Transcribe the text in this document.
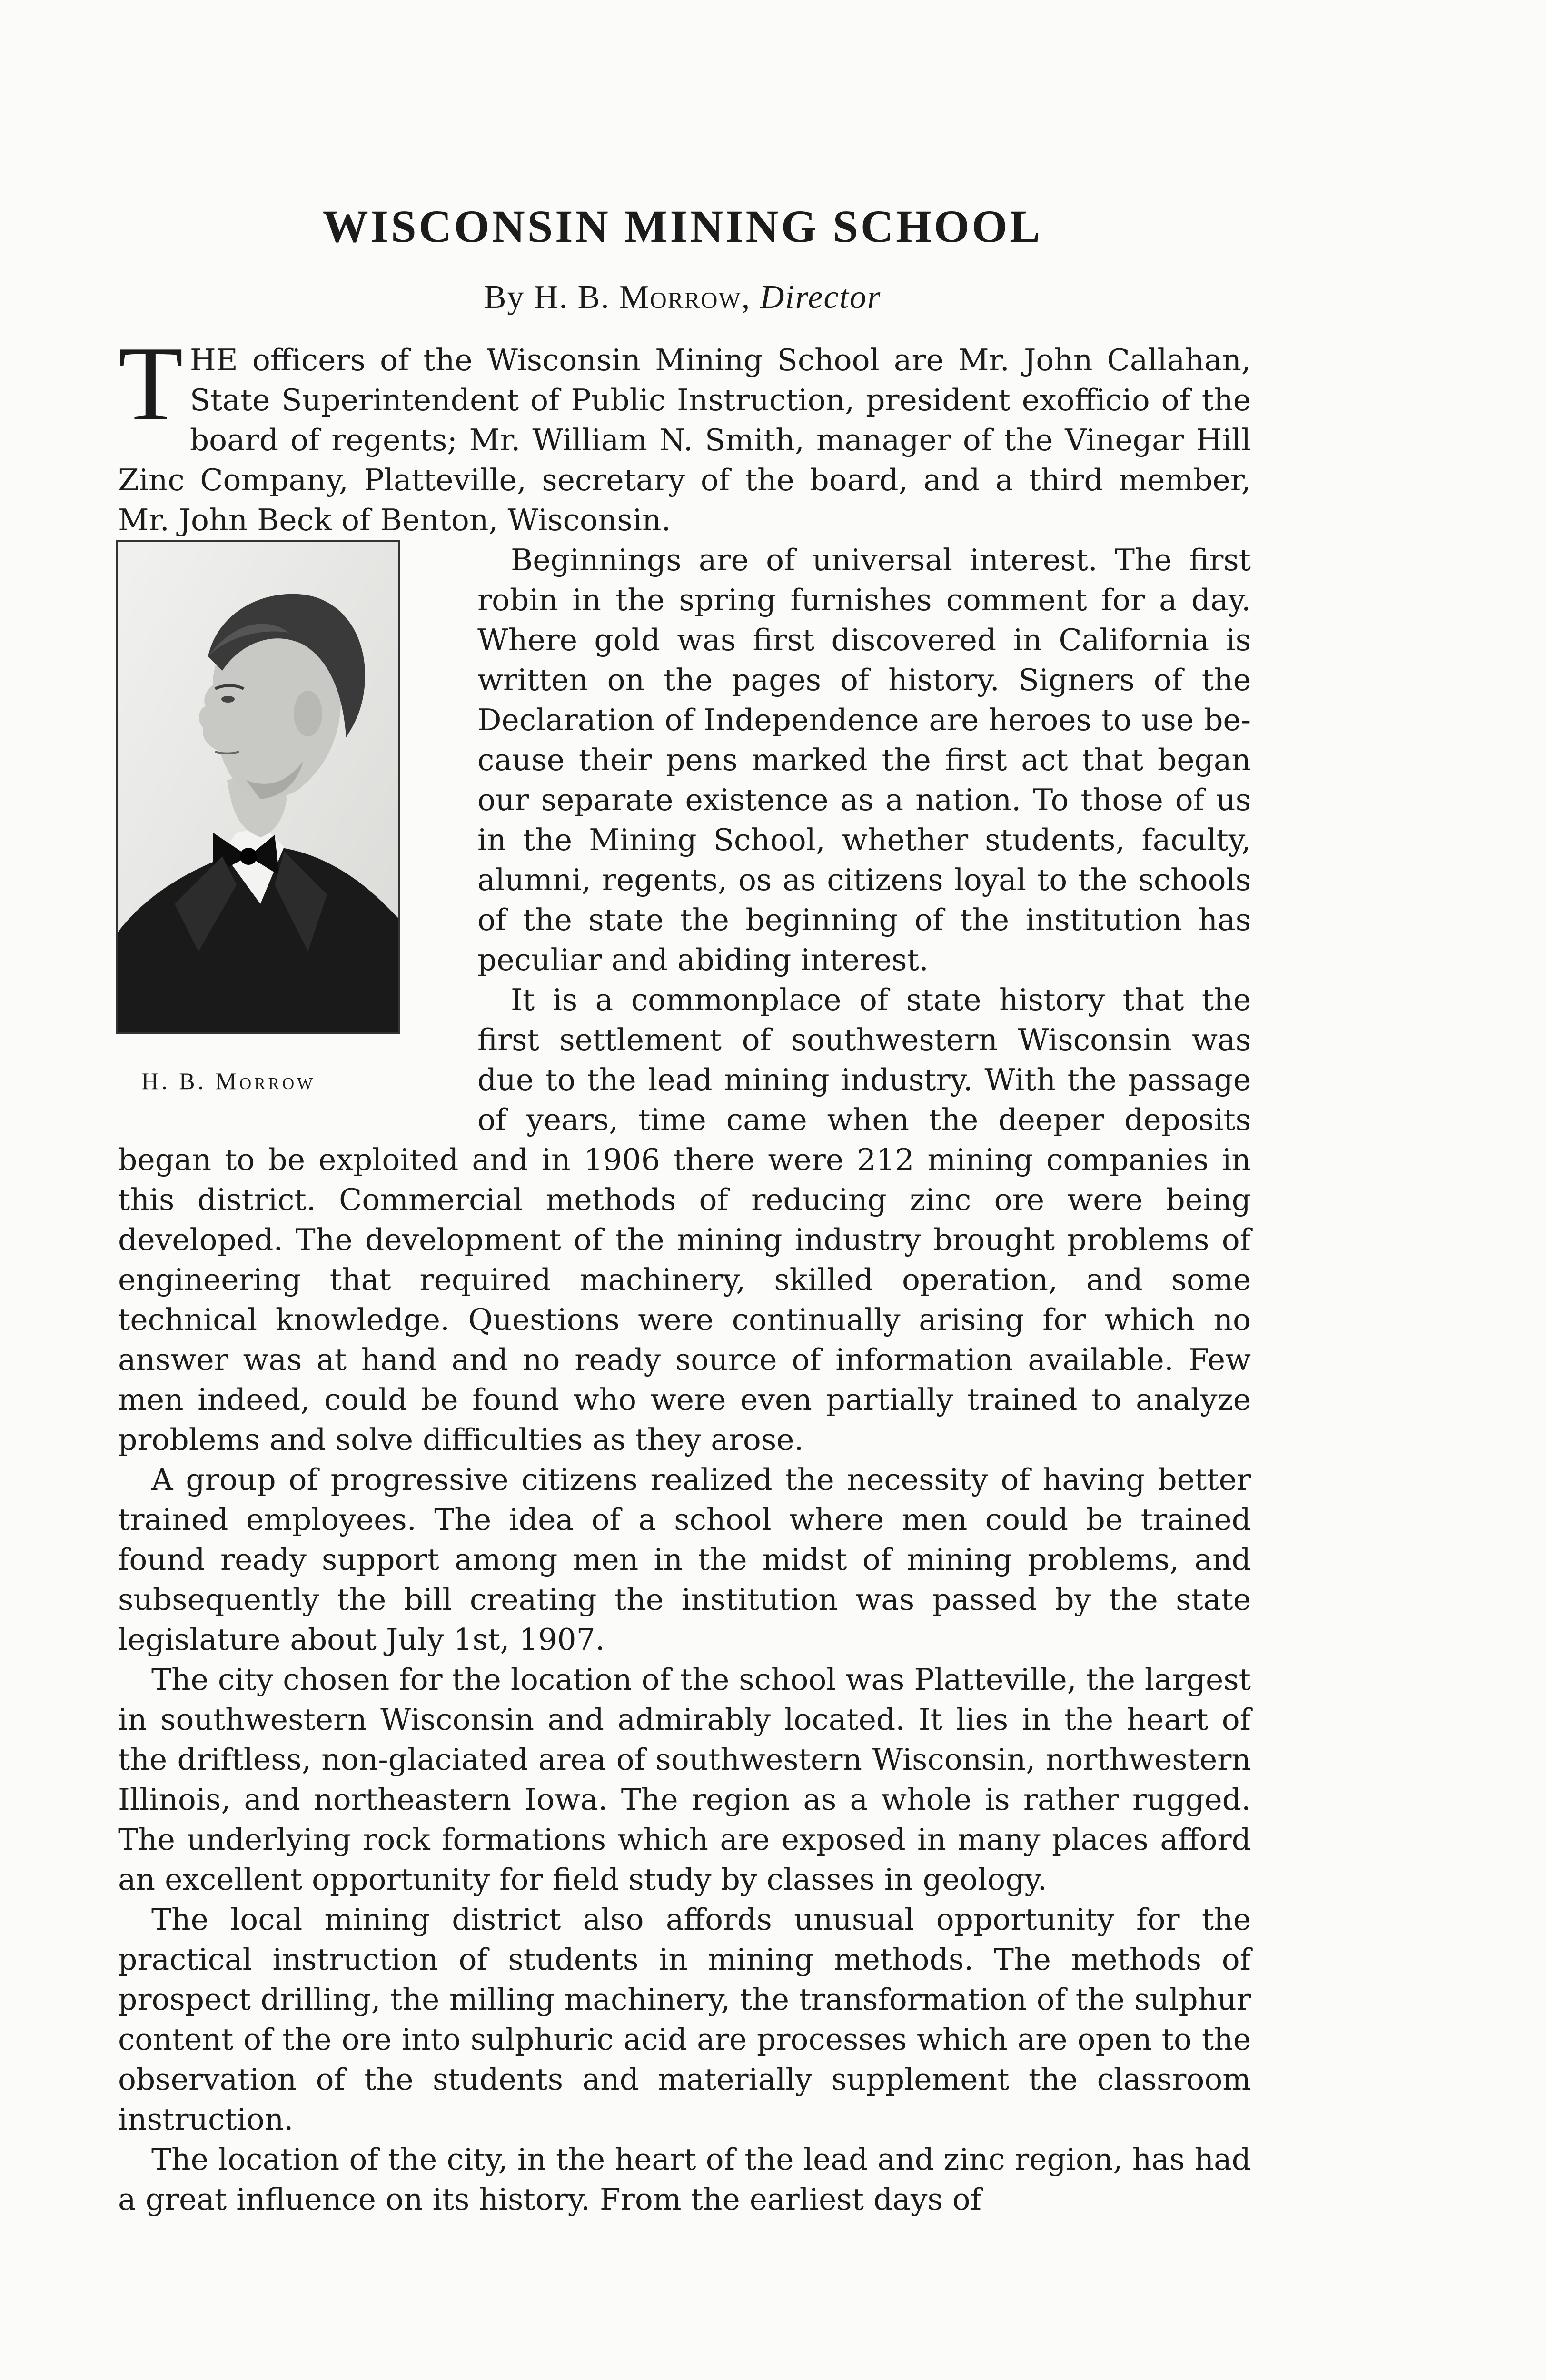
WISCONSIN MINING SCHOOL
By H. B. Morrow, Director

THE officers of the Wisconsin Mining School are Mr. John Callahan, State Superintendent of Public Instruction, president exofficio of the board of regents; Mr. William N. Smith, manager of the Vinegar Hill Zinc Company, Platteville, secretary of the board, and a third member, Mr. John Beck of Benton, Wisconsin.

H. B. Morrow

Beginnings are of universal interest. The first robin in the spring furnishes comment for a day. Where gold was first discovered in California is written on the pages of history. Signers of the Declaration of Independence are heroes to use because their pens marked the first act that began our separate existence as a nation. To those of us in the Mining School, whether students, faculty, alumni, regents, os as citizens loyal to the schools of the state the beginning of the institution has peculiar and abiding interest.

It is a commonplace of state history that the first settlement of southwestern Wisconsin was due to the lead mining industry. With the passage of years, time came when the deeper deposits began to be exploited and in 1906 there were 212 mining companies in this district. Commercial methods of reducing zinc ore were being developed. The development of the mining industry brought problems of engineering that required machinery, skilled operation, and some technical knowledge. Questions were continually arising for which no answer was at hand and no ready source of information available. Few men indeed, could be found who were even partially trained to analyze problems and solve difficulties as they arose.

A group of progressive citizens realized the necessity of having better trained employees. The idea of a school where men could be trained found ready support among men in the midst of mining problems, and subsequently the bill creating the institution was passed by the state legislature about July 1st, 1907.

The city chosen for the location of the school was Platteville, the largest in southwestern Wisconsin and admirably located. It lies in the heart of the driftless, non-glaciated area of southwestern Wisconsin, northwestern Illinois, and northeastern Iowa. The region as a whole is rather rugged. The underlying rock formations which are exposed in many places afford an excellent opportunity for field study by classes in geology.

The local mining district also affords unusual opportunity for the practical instruction of students in mining methods. The methods of prospect drilling, the milling machinery, the transformation of the sulphur content of the ore into sulphuric acid are processes which are open to the observation of the students and materially supplement the classroom instruction.

The location of the city, in the heart of the lead and zinc region, has had a great influence on its history. From the earliest days of
